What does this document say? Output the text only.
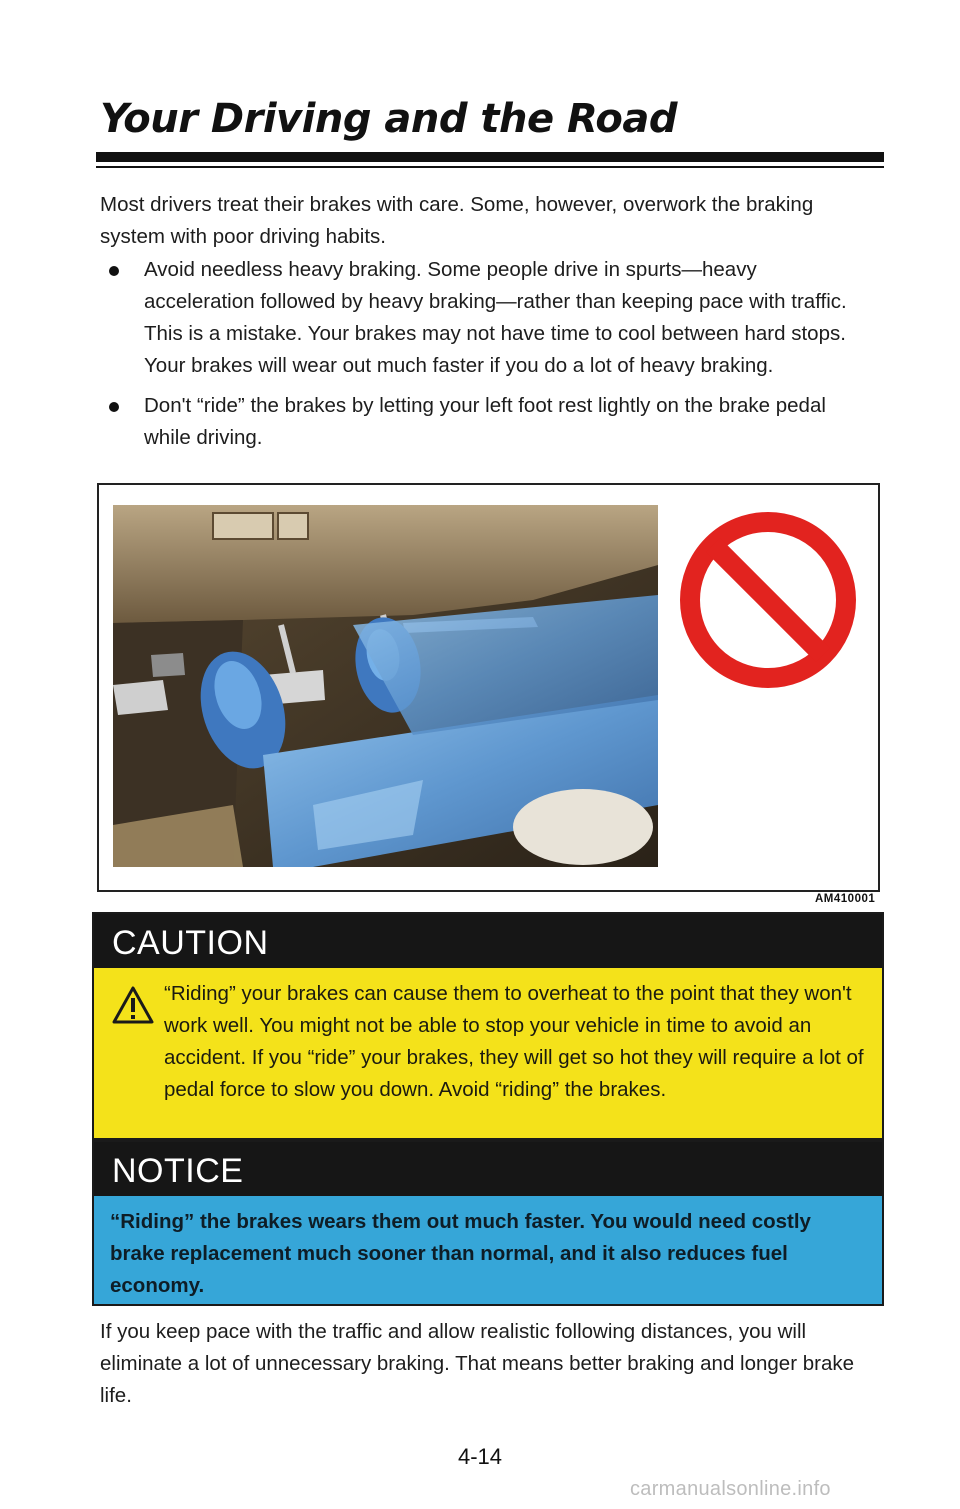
Your Driving and the Road

Most drivers treat their brakes with care. Some, however, overwork the braking system with poor driving habits.

Avoid needless heavy braking. Some people drive in spurts—heavy acceleration followed by heavy braking—rather than keeping pace with traffic. This is a mistake. Your brakes may not have time to cool between hard stops. Your brakes will wear out much faster if you do a lot of heavy braking.
Don't “ride” the brakes by letting your left foot rest lightly on the brake pedal while driving.
AM410001
CAUTION

“Riding” your brakes can cause them to overheat to the point that they won't work well. You might not be able to stop your vehicle in time to avoid an accident. If you “ride” your brakes, they will get so hot they will require a lot of pedal force to slow you down. Avoid “riding” the brakes.

NOTICE

“Riding” the brakes wears them out much faster. You would need costly brake replacement much sooner than normal, and it also reduces fuel economy.

If you keep pace with the traffic and allow realistic following distances, you will eliminate a lot of unnecessary braking. That means better braking and longer brake life.

4-14
carmanualsonline.info
